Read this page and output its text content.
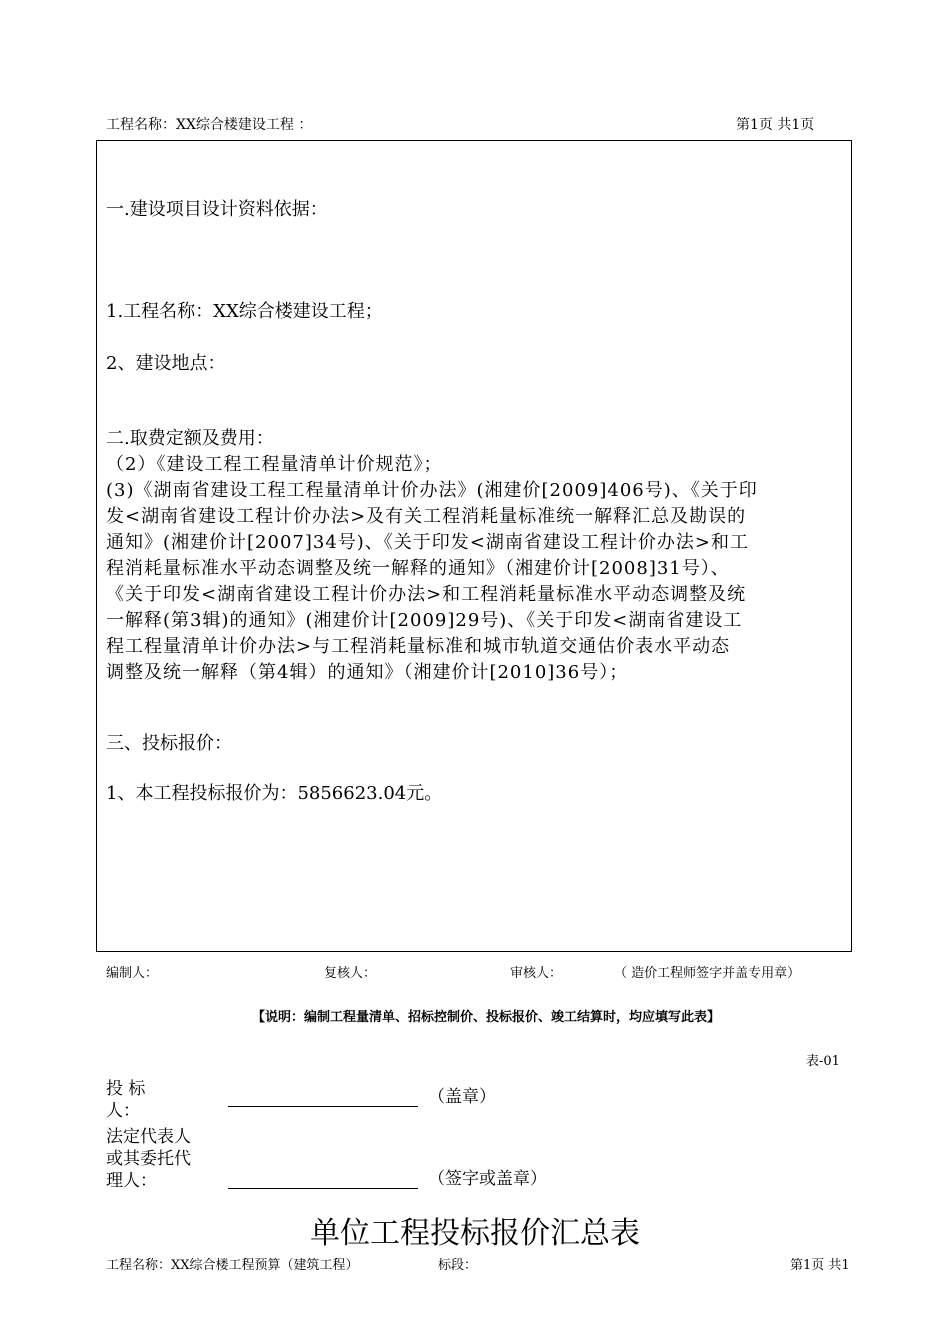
工程名称：XX综合楼建设工程 ：	第1页 共1页
一.建设项目设计资料依据：
1.工程名称：XX综合楼建设工程；
2、建设地点：
二.取费定额及费用：
（2）《建设工程工程量清单计价规范》；
(3)《湖南省建设工程工程量清单计价办法》(湘建价[2009]406号)、《关于印
发<湖南省建设工程计价办法>及有关工程消耗量标准统一解释汇总及勘误的
通知》(湘建价计[2007]34号)、《关于印发<湖南省建设工程计价办法>和工
程消耗量标准水平动态调整及统一解释的通知》（湘建价计[2008]31号）、
《关于印发<湖南省建设工程计价办法>和工程消耗量标准水平动态调整及统
一解释(第3辑)的通知》(湘建价计[2009]29号)、《关于印发<湖南省建设工
程工程量清单计价办法>与工程消耗量标准和城市轨道交通估价表水平动态
调整及统一解释（第4辑）的通知》（湘建价计[2010]36号）；
三、投标报价：
1、本工程投标报价为：5856623.04元。
编制人：	复核人：	审核人：	（ 造价工程师签字并盖专用章）
【说明：编制工程量清单、招标控制价、投标报价、竣工结算时，均应填写此表】
表-01
投 标
人：
（盖章）
法定代表人
或其委托代
理人：	（签字或盖章）
单位工程投标报价汇总表
工程名称：XX综合楼工程预算（建筑工程）	标段：	第1页 共1
